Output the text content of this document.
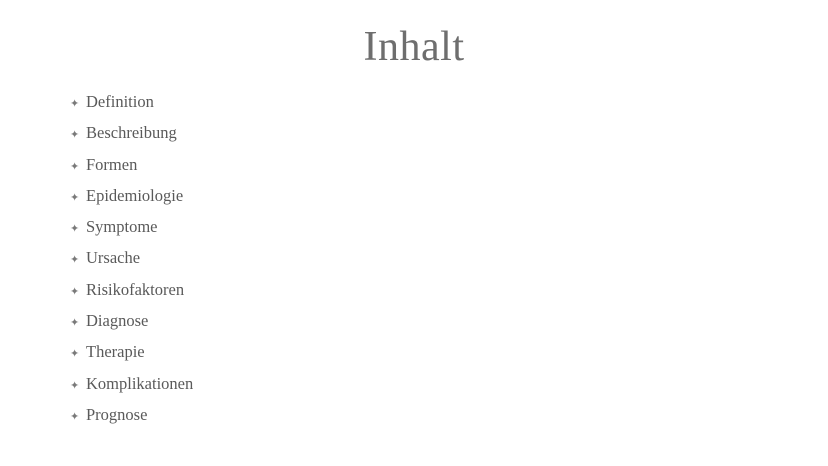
Inhalt
✦ Definition
✦ Beschreibung
✦ Formen
✦ Epidemiologie
✦ Symptome
✦ Ursache
✦ Risikofaktoren
✦ Diagnose
✦ Therapie
✦ Komplikationen
✦ Prognose
